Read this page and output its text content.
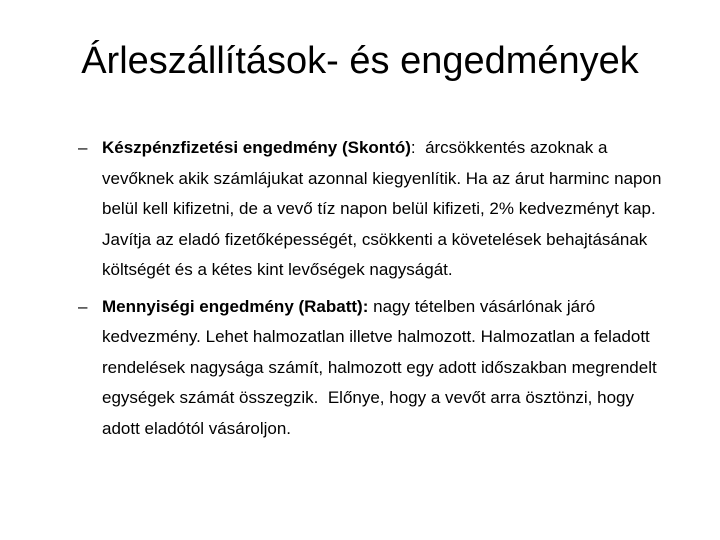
Árleszállítások- és engedmények
– Készpénzfizetési engedmény (Skontó):  árcsökkentés azoknak a vevőknek akik számlájukat azonnal kiegyenlítik. Ha az árut harminc napon belül kell kifizetni, de a vevő tíz napon belül kifizeti, 2% kedvezményt kap. Javítja az eladó fizetőképességét, csökkenti a követelések behajtásának költségét és a kétes kint levőségek nagyságát.
– Mennyiségi engedmény (Rabatt): nagy tételben vásárlónak járó kedvezmény. Lehet halmozatlan illetve halmozott. Halmozatlan a feladott rendelések nagysága számít, halmozott egy adott időszakban megrendelt egységek számát összegzik.  Előnye, hogy a vevőt arra ösztönzi, hogy adott eladótól vásároljon.
